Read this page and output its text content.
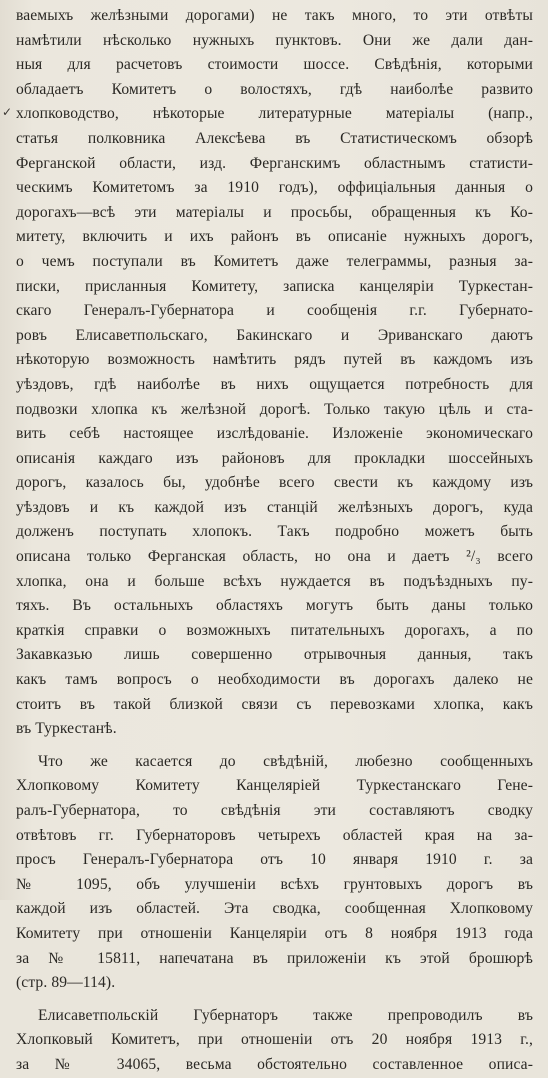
✓
ваемыхъ желѣзными дорогами) не такъ много, то эти отвѣты
намѣтили нѣсколько нужныхъ пунктовъ. Они же дали дан-
ныя для расчетовъ стоимости шоссе. Свѣдѣнія, которыми
обладаетъ Комитетъ о волостяхъ, гдѣ наиболѣе развито
хлопководство, нѣкоторые литературные матеріалы (напр.,
статья полковника Алексѣева въ Статистическомъ обзорѣ
Ферганской области, изд. Ферганскимъ областнымъ статисти-
ческимъ Комитетомъ за 1910 годъ), оффиціальныя данныя о
дорогахъ—всѣ эти матеріалы и просьбы, обращенныя къ Ко-
митету, включить и ихъ районъ въ описаніе нужныхъ дорогъ,
о чемъ поступали въ Комитетъ даже телеграммы, разныя за-
писки, присланныя Комитету, записка канцеляріи Туркестан-
скаго Генералъ-Губернатора и сообщенія г.г. Губернато-
ровъ Елисаветпольскаго, Бакинскаго и Эриванскаго даютъ
нѣкоторую возможность намѣтить рядъ путей въ каждомъ изъ
уѣздовъ, гдѣ наиболѣе въ нихъ ощущается потребность для
подвозки хлопка къ желѣзной дорогѣ. Только такую цѣль и ста-
вить себѣ настоящее изслѣдованіе. Изложеніе экономическаго
описанія каждаго изъ районовъ для прокладки шоссейныхъ
дорогъ, казалось бы, удобнѣе всего свести къ каждому изъ
уѣздовъ и къ каждой изъ станцій желѣзныхъ дорогъ, куда
долженъ поступать хлопокъ. Такъ подробно можетъ быть
описана только Ферганская область, но она и даетъ ²/₃ всего
хлопка, она и больше всѣхъ нуждается въ подъѣздныхъ пу-
тяхъ. Въ остальныхъ областяхъ могутъ быть даны только
краткія справки о возможныхъ питательныхъ дорогахъ, а по
Закавказью лишь совершенно отрывочныя данныя, такъ
какъ тамъ вопросъ о необходимости въ дорогахъ далеко не
стоитъ въ такой близкой связи съ перевозками хлопка, какъ
въ Туркестанѣ.
Что же касается до свѣдѣній, любезно сообщенныхъ
Хлопковому Комитету Канцеляріей Туркестанскаго Гене-
ралъ-Губернатора, то свѣдѣнія эти составляютъ сводку
отвѣтовъ гг. Губернаторовъ четырехъ областей края на за-
просъ Генералъ-Губернатора отъ 10 января 1910 г. за
№ 1095, объ улучшеніи всѣхъ грунтовыхъ дорогъ въ
каждой изъ областей. Эта сводка, сообщенная Хлопковому
Комитету при отношеніи Канцеляріи отъ 8 ноября 1913 года
за № 15811, напечатана въ приложеніи къ этой брошюрѣ
(стр. 89—114).
Елисаветпольскій Губернаторъ также препроводилъ въ
Хлопковый Комитетъ, при отношеніи отъ 20 ноября 1913 г.,
за № 34065, весьма обстоятельно составленное описа-
